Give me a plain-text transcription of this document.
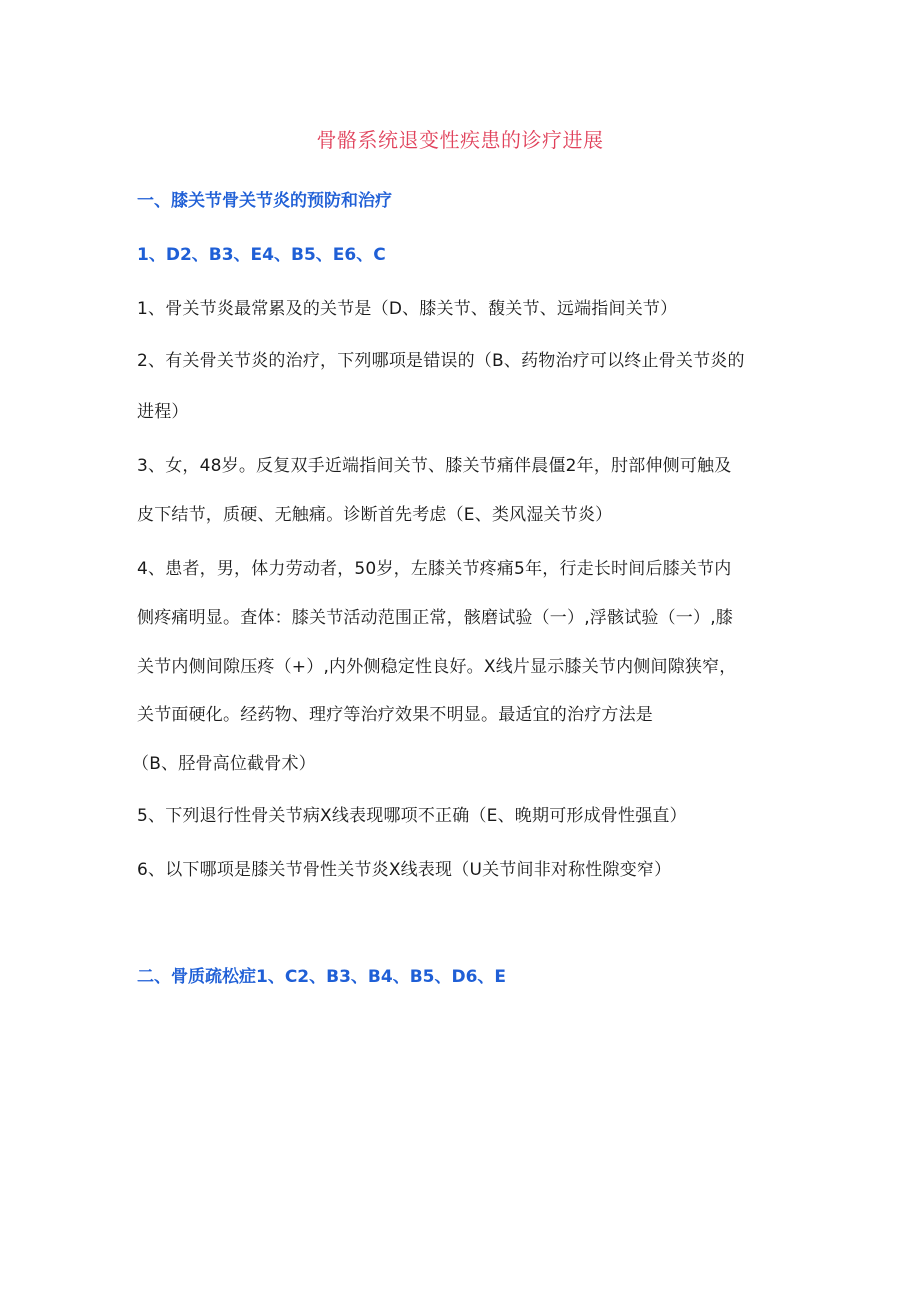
骨骼系统退变性疾患的诊疗进展
一、膝关节骨关节炎的预防和治疗
1、D2、B3、E4、B5、E6、C
1、骨关节炎最常累及的关节是（D、膝关节、馥关节、远端指间关节）
2、有关骨关节炎的治疗，下列哪项是错误的（B、药物治疗可以终止骨关节炎的
进程）
3、女，48岁。反复双手近端指间关节、膝关节痛伴晨僵2年，肘部伸侧可触及
皮下结节，质硬、无触痛。诊断首先考虑（E、类风湿关节炎）
4、患者，男，体力劳动者，50岁，左膝关节疼痛5年，行走长时间后膝关节内
侧疼痛明显。査体：膝关节活动范围正常，骸磨试验（一）,浮骸试验（一）,膝
关节内侧间隙压疼（+）,内外侧稳定性良好。X线片显示膝关节内侧间隙狭窄，
关节面硬化。经药物、理疗等治疗效果不明显。最适宜的治疗方法是
（B、胫骨高位截骨术）
5、下列退行性骨关节病X线表现哪项不正确（E、晚期可形成骨性强直）
6、以下哪项是膝关节骨性关节炎X线表现（U关节间非对称性隙变窄）
二、骨质疏松症1、C2、B3、B4、B5、D6、E
